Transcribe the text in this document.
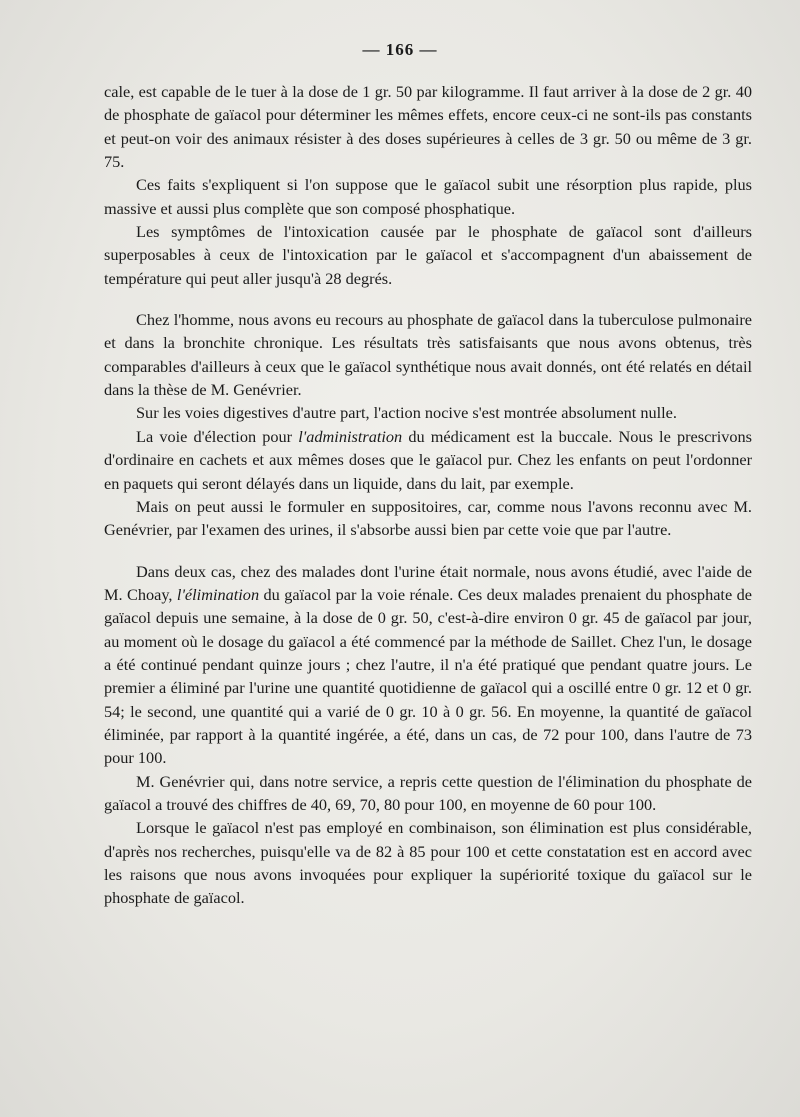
— 166 —

cale, est capable de le tuer à la dose de 1 gr. 50 par kilogramme. Il faut arriver à la dose de 2 gr. 40 de phosphate de gaïacol pour déterminer les mêmes effets, encore ceux-ci ne sont-ils pas constants et peut-on voir des animaux résister à des doses supérieures à celles de 3 gr. 50 ou même de 3 gr. 75.

Ces faits s'expliquent si l'on suppose que le gaïacol subit une résorption plus rapide, plus massive et aussi plus complète que son composé phosphatique.

Les symptômes de l'intoxication causée par le phosphate de gaïacol sont d'ailleurs superposables à ceux de l'intoxication par le gaïacol et s'accompagnent d'un abaissement de température qui peut aller jusqu'à 28 degrés.

Chez l'homme, nous avons eu recours au phosphate de gaïacol dans la tuberculose pulmonaire et dans la bronchite chronique. Les résultats très satisfaisants que nous avons obtenus, très comparables d'ailleurs à ceux que le gaïacol synthétique nous avait donnés, ont été relatés en détail dans la thèse de M. Genévrier.

Sur les voies digestives d'autre part, l'action nocive s'est montrée absolument nulle.

La voie d'élection pour l'administration du médicament est la buccale. Nous le prescrivons d'ordinaire en cachets et aux mêmes doses que le gaïacol pur. Chez les enfants on peut l'ordonner en paquets qui seront délayés dans un liquide, dans du lait, par exemple.

Mais on peut aussi le formuler en suppositoires, car, comme nous l'avons reconnu avec M. Genévrier, par l'examen des urines, il s'absorbe aussi bien par cette voie que par l'autre.

Dans deux cas, chez des malades dont l'urine était normale, nous avons étudié, avec l'aide de M. Choay, l'élimination du gaïacol par la voie rénale. Ces deux malades prenaient du phosphate de gaïacol depuis une semaine, à la dose de 0 gr. 50, c'est-à-dire environ 0 gr. 45 de gaïacol par jour, au moment où le dosage du gaïacol a été commencé par la méthode de Saillet. Chez l'un, le dosage a été continué pendant quinze jours ; chez l'autre, il n'a été pratiqué que pendant quatre jours. Le premier a éliminé par l'urine une quantité quotidienne de gaïacol qui a oscillé entre 0 gr. 12 et 0 gr. 54; le second, une quantité qui a varié de 0 gr. 10 à 0 gr. 56. En moyenne, la quantité de gaïacol éliminée, par rapport à la quantité ingérée, a été, dans un cas, de 72 pour 100, dans l'autre de 73 pour 100.

M. Genévrier qui, dans notre service, a repris cette question de l'élimination du phosphate de gaïacol a trouvé des chiffres de 40, 69, 70, 80 pour 100, en moyenne de 60 pour 100.

Lorsque le gaïacol n'est pas employé en combinaison, son élimination est plus considérable, d'après nos recherches, puisqu'elle va de 82 à 85 pour 100 et cette constatation est en accord avec les raisons que nous avons invoquées pour expliquer la supériorité toxique du gaïacol sur le phosphate de gaïacol.
